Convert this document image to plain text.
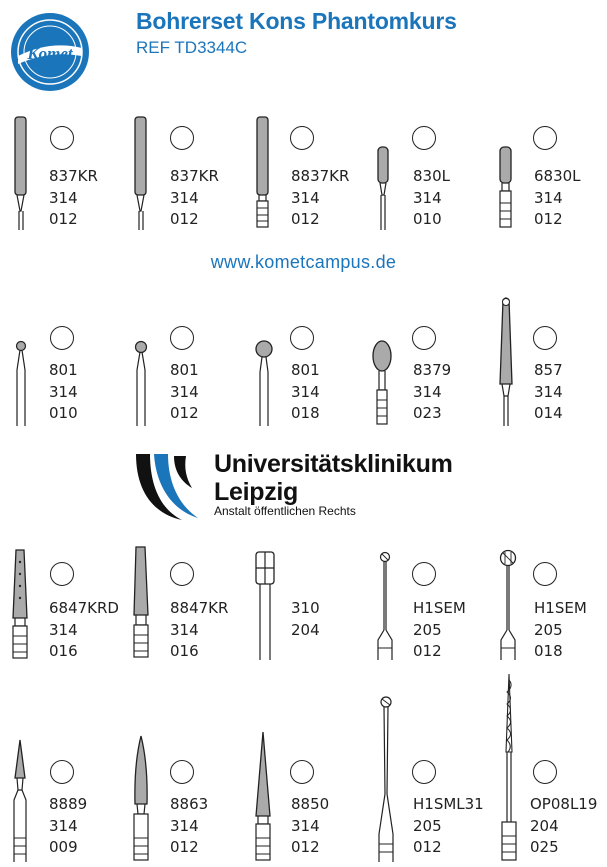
Komet
Bohrerset Kons Phantomkurs
REF TD3344C
www.kometcampus.de
Universitätsklinikum
Leipzig
Anstalt öffentlichen Rechts
837KR
314
012
837KR
314
012
8837KR
314
012
830L
314
010
6830L
314
012
801
314
010
801
314
012
801
314
018
8379
314
023
857
314
014
6847KRD
314
016
8847KR
314
016
310
204
H1SEM
205
012
H1SEM
205
018
8889
314
009
8863
314
012
8850
314
012
H1SML31
205
012
OP08L19
204
025
